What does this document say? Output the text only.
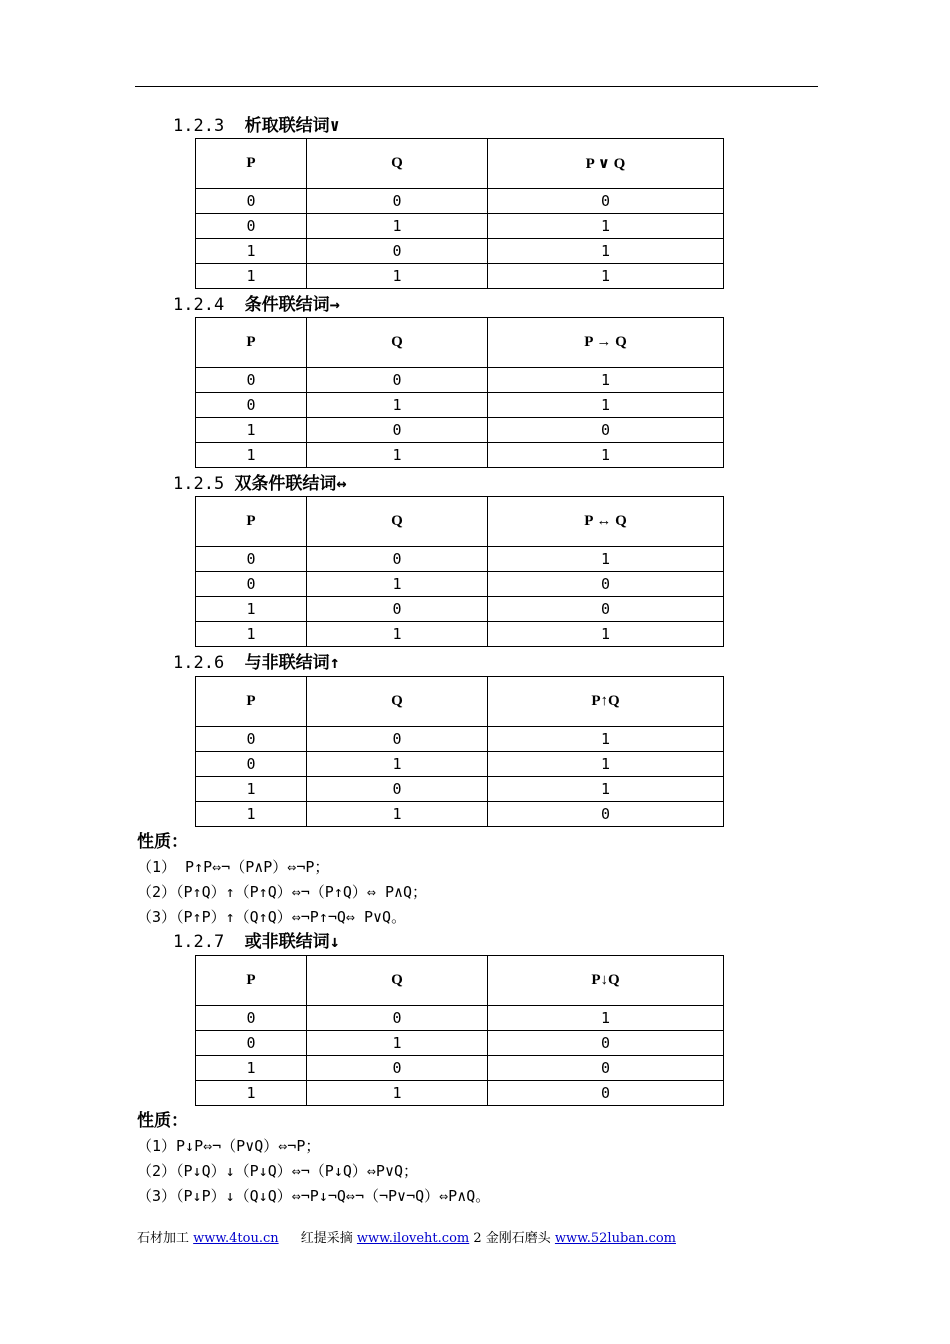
1.2.3 析取联结词∨
P	Q	P ∨ Q
0	0	0
0	1	1
1	0	1
1	1	1
1.2.4 条件联结词→
P	Q	P → Q
0	0	1
0	1	1
1	0	0
1	1	1
1.2.5 双条件联结词↔
P	Q	P ↔ Q
0	0	1
0	1	0
1	0	0
1	1	1
1.2.6 与非联结词↑
P	Q	P↑Q
0	0	1
0	1	1
1	0	1
1	1	0
性质：
（1） P↑P⇔¬（P∧P）⇔¬P；
（2）（P↑Q）↑（P↑Q）⇔¬（P↑Q）⇔ P∧Q；
（3）（P↑P）↑（Q↑Q）⇔¬P↑¬Q⇔ P∨Q。
1.2.7 或非联结词↓
P	Q	P↓Q
0	0	1
0	1	0
1	0	0
1	1	0
性质：
（1）P↓P⇔¬（P∨Q）⇔¬P；
（2）（P↓Q）↓（P↓Q）⇔¬（P↓Q）⇔P∨Q；
（3）（P↓P）↓（Q↓Q）⇔¬P↓¬Q⇔¬（¬P∨¬Q）⇔P∧Q。
石材加工 www.4tou.cn 红提采摘 www.iloveht.com 2 金刚石磨头 www.52luban.com
